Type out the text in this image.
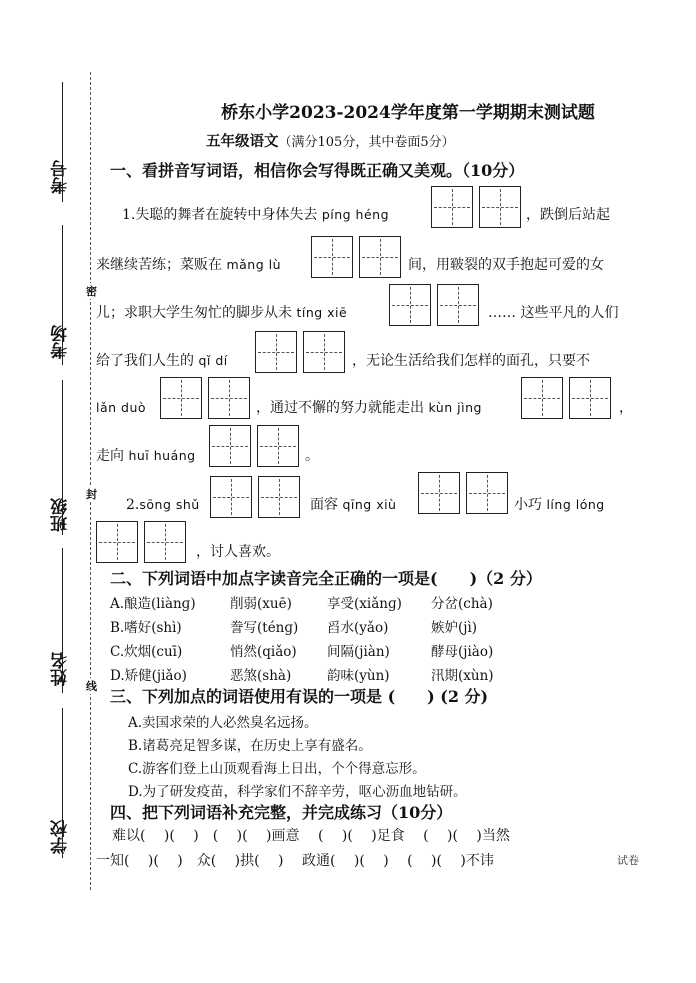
考号
考场
班级
姓名
学校
密
封
线
桥东小学2023-2024学年度第一学期期末测试题
五年级语文（满分105分，其中卷面5分）
一、看拼音写词语，相信你会写得既正确又美观。（10分）
1.失聪的舞者在旋转中身体失去 píng héng	，跌倒后站起
来继续苦练；菜贩在 mǎng lù	间，用皲裂的双手抱起可爱的女
儿；求职大学生匆忙的脚步从未 tíng xiē	…… 这些平凡的人们
给了我们人生的 qǐ dí	，无论生活给我们怎样的面孔，只要不
lǎn duò	，通过不懈的努力就能走出 kùn jìng	，
走向 huī huáng	。
2.sōng shǔ	面容 qīng xiù	小巧 líng lóng
，讨人喜欢。
二、下列词语中加点字读音完全正确的一项是(　　)（2 分）
A.酿造(liànɡ)	削弱(xuē)	享受(xiǎnɡ) 分岔(chà)
B.嗜好(shì)	誊写(ténɡ) 舀水(yǎo)	嫉妒(jì)
C.炊烟(cuī)	悄然(qiǎo) 间隔(jiàn)	酵母(jiào)
D.矫健(jiǎo)	恶煞(shà)	韵味(yùn)	汛期(xùn)
三、下列加点的词语使用有误的一项是 (　　) (2 分)
A.卖国求荣的人必然臭名远扬。
B.诸葛亮足智多谋，在历史上享有盛名。
C.游客们登上山顶观看海上日出，个个得意忘形。
D.为了研发疫苗，科学家们不辞辛劳，呕心沥血地钻研。
四、把下列词语补充完整，并完成练习（10分）
难以(　 )(　 )　(　 )(　 )画意　 (　 )(　 )足食　 (　 )(　 )当然
一知(　 )(　 )　众(　 )拱(　 )　 政通(　 )(　 )　 (　 )(　 )不讳	试卷
